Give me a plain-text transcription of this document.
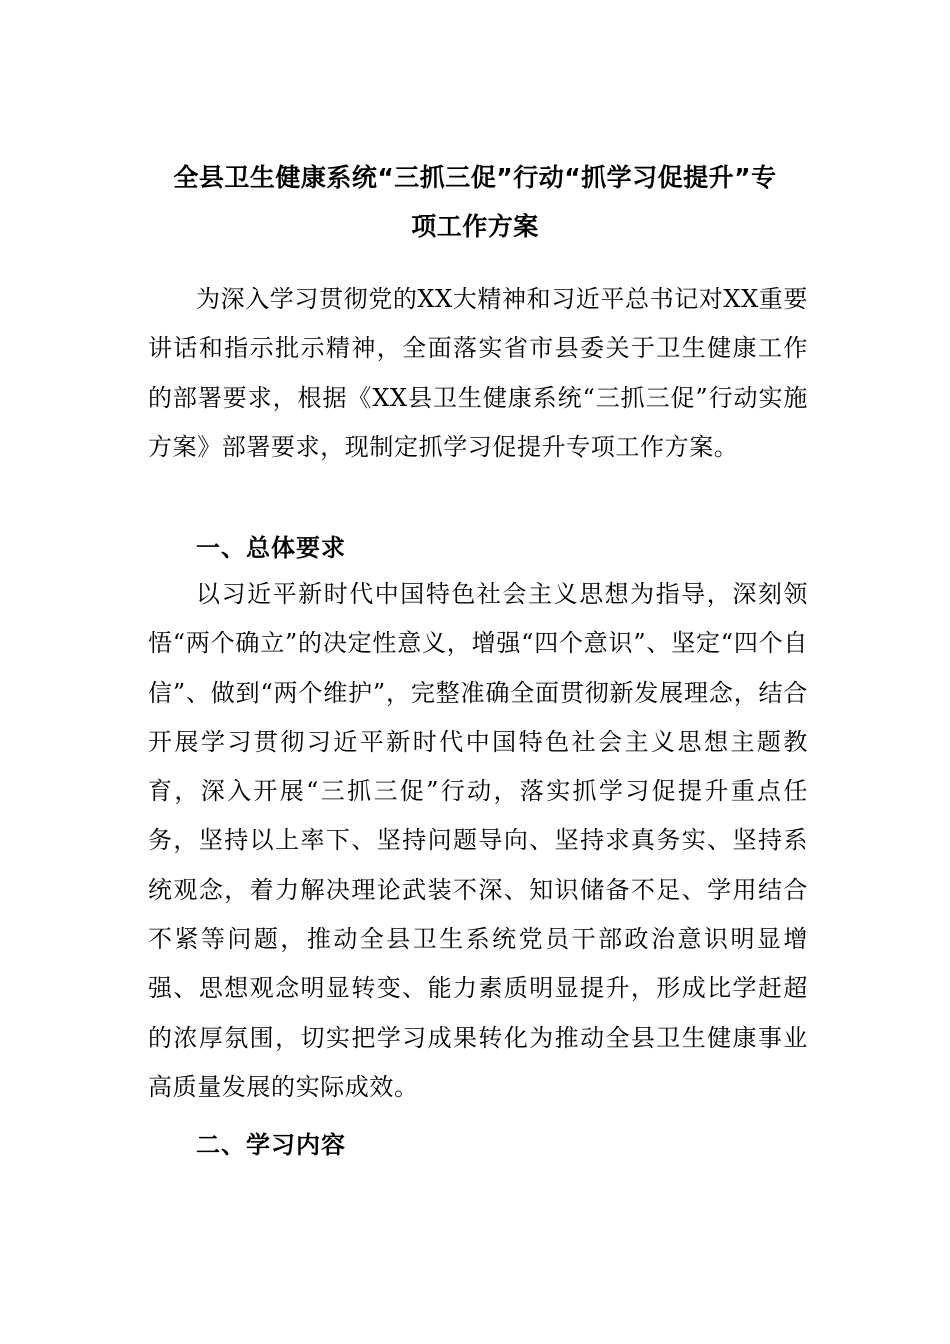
全县卫生健康系统“三抓三促”行动“抓学习促提升”专
项工作方案

为深入学习贯彻党的XX大精神和习近平总书记对XX重要讲话和指示批示精神，全面落实省市县委关于卫生健康工作的部署要求，根据《XX县卫生健康系统“三抓三促”行动实施方案》部署要求，现制定抓学习促提升专项工作方案。

一、总体要求

以习近平新时代中国特色社会主义思想为指导，深刻领悟“两个确立”的决定性意义，增强“四个意识”、坚定“四个自信”、做到“两个维护”，完整准确全面贯彻新发展理念，结合开展学习贯彻习近平新时代中国特色社会主义思想主题教育，深入开展“三抓三促”行动，落实抓学习促提升重点任务，坚持以上率下、坚持问题导向、坚持求真务实、坚持系统观念，着力解决理论武装不深、知识储备不足、学用结合不紧等问题，推动全县卫生系统党员干部政治意识明显增强、思想观念明显转变、能力素质明显提升，形成比学赶超的浓厚氛围，切实把学习成果转化为推动全县卫生健康事业高质量发展的实际成效。

二、学习内容
